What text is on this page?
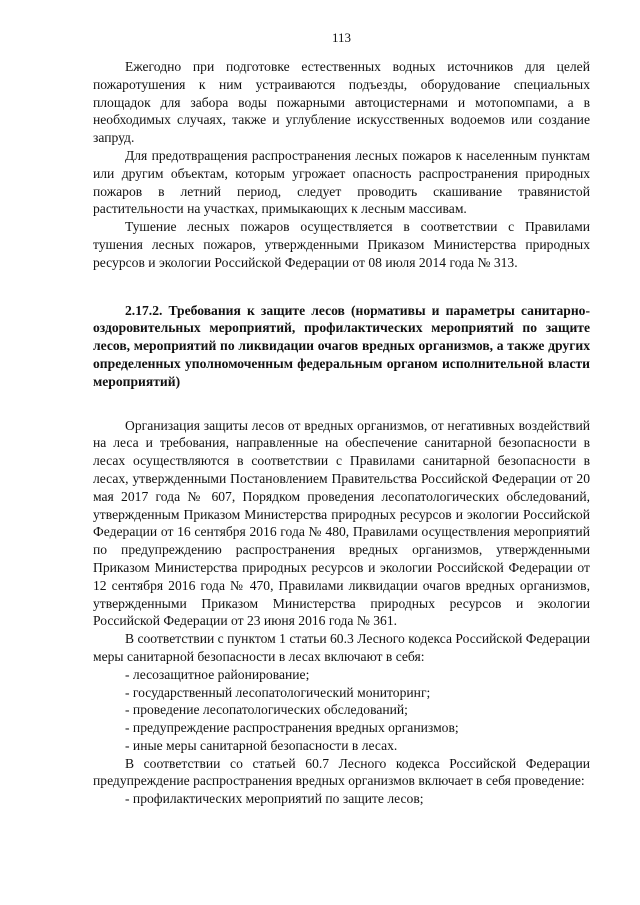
113

Ежегодно при подготовке естественных водных источников для целей пожаротушения к ним устраиваются подъезды, оборудование специальных площадок для забора воды пожарными автоцистернами и мотопомпами, а в необходимых случаях, также и углубление искусственных водоемов или создание запруд.

Для предотвращения распространения лесных пожаров к населенным пунктам или другим объектам, которым угрожает опасность распространения природных пожаров в летний период, следует проводить скашивание травянистой растительности на участках, примыкающих к лесным массивам.

Тушение лесных пожаров осуществляется в соответствии с Правилами тушения лесных пожаров, утвержденными Приказом Министерства природных ресурсов и экологии Российской Федерации от 08 июля 2014 года № 313.

2.17.2. Требования к защите лесов (нормативы и параметры санитарно-оздоровительных мероприятий, профилактических мероприятий по защите лесов, мероприятий по ликвидации очагов вредных организмов, а также других определенных уполномоченным федеральным органом исполнительной власти мероприятий)

Организация защиты лесов от вредных организмов, от негативных воздействий на леса и требования, направленные на обеспечение санитарной безопасности в лесах осуществляются в соответствии с Правилами санитарной безопасности в лесах, утвержденными Постановлением Правительства Российской Федерации от 20 мая 2017 года № 607, Порядком проведения лесопатологических обследований, утвержденным Приказом Министерства природных ресурсов и экологии Российской Федерации от 16 сентября 2016 года № 480, Правилами осуществления мероприятий по предупреждению распространения вредных организмов, утвержденными Приказом Министерства природных ресурсов и экологии Российской Федерации от 12 сентября 2016 года № 470, Правилами ликвидации очагов вредных организмов, утвержденными Приказом Министерства природных ресурсов и экологии Российской Федерации от 23 июня 2016 года № 361.

В соответствии с пунктом 1 статьи 60.3 Лесного кодекса Российской Федерации меры санитарной безопасности в лесах включают в себя:

- лесозащитное районирование;
- государственный лесопатологический мониторинг;
- проведение лесопатологических обследований;
- предупреждение распространения вредных организмов;
- иные меры санитарной безопасности в лесах.

В соответствии со статьей 60.7 Лесного кодекса Российской Федерации предупреждение распространения вредных организмов включает в себя проведение:

- профилактических мероприятий по защите лесов;
